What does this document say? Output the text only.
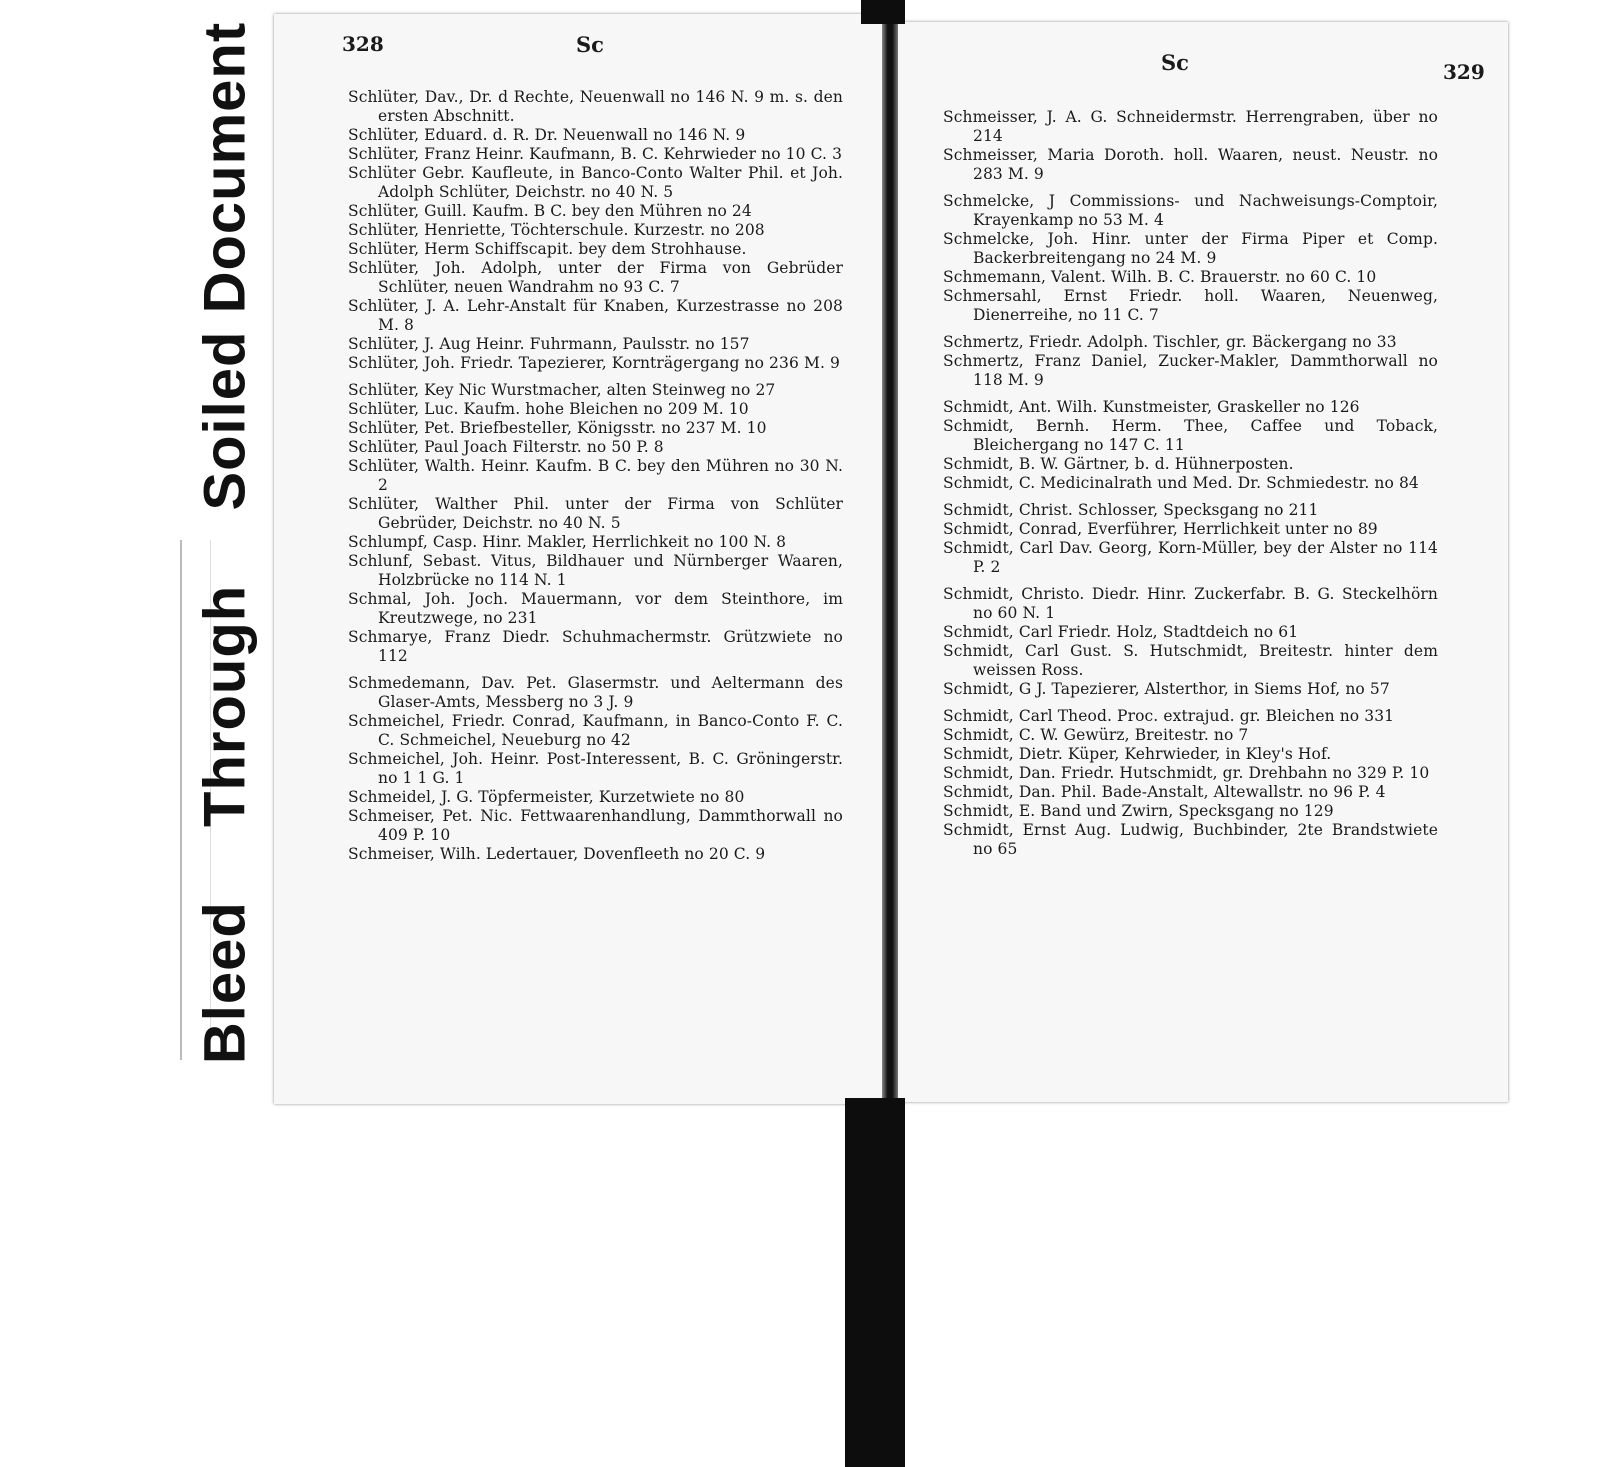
Bleed  Through  Soiled Document	328	Sc
Schlüter, Dav., Dr. d Rechte, Neuenwall no 146 N. 9 m. s. den ersten Abschnitt.
Schlüter, Eduard. d. R. Dr. Neuenwall no 146 N. 9
Schlüter, Franz Heinr. Kaufmann, B. C. Kehrwieder no 10 C. 3
Schlüter Gebr. Kaufleute, in Banco-Conto Walter Phil. et Joh. Adolph Schlüter, Deichstr. no 40 N. 5
Schlüter, Guill. Kaufm. B C. bey den Mühren no 24
Schlüter, Henriette, Töchterschule. Kurzestr. no 208
Schlüter, Herm Schiffscapit. bey dem Strohhause.
Schlüter, Joh. Adolph, unter der Firma von Gebrüder Schlüter, neuen Wandrahm no 93 C. 7
Schlüter, J. A. Lehr-Anstalt für Knaben, Kurzestrasse no 208 M. 8
Schlüter, J. Aug Heinr. Fuhrmann, Paulsstr. no 157
Schlüter, Joh. Friedr. Tapezierer, Kornträgergang no 236 M. 9
Schlüter, Key Nic Wurstmacher, alten Steinweg no 27
Schlüter, Luc. Kaufm. hohe Bleichen no 209 M. 10
Schlüter, Pet. Briefbesteller, Königsstr. no 237 M. 10
Schlüter, Paul Joach Filterstr. no 50 P. 8
Schlüter, Walth. Heinr. Kaufm. B C. bey den Mühren no 30 N. 2
Schlüter, Walther Phil. unter der Firma von Schlüter Gebrüder, Deichstr. no 40 N. 5
Schlumpf, Casp. Hinr. Makler, Herrlichkeit no 100 N. 8
Schlunf, Sebast. Vitus, Bildhauer und Nürnberger Waaren, Holzbrücke no 114 N. 1
Schmal, Joh. Joch. Mauermann, vor dem Steinthore, im Kreutzwege, no 231
Schmarye, Franz Diedr. Schuhmachermstr. Grützwiete no 112
Schmedemann, Dav. Pet. Glasermstr. und Aeltermann des Glaser-Amts, Messberg no 3 J. 9
Schmeichel, Friedr. Conrad, Kaufmann, in Banco-Conto F. C. C. Schmeichel, Neueburg no 42
Schmeichel, Joh. Heinr. Post-Interessent, B. C. Gröningerstr. no 1 1 G. 1
Schmeidel, J. G. Töpfermeister, Kurzetwiete no 80
Schmeiser, Pet. Nic. Fettwaarenhandlung, Dammthorwall no 409 P. 10
Schmeiser, Wilh. Ledertauer, Dovenfleeth no 20 C. 9
Sc	329
Schmeisser, J. A. G. Schneidermstr. Herrengraben, über no 214
Schmeisser, Maria Doroth. holl. Waaren, neust. Neustr. no 283 M. 9
Schmelcke, J Commissions- und Nachweisungs-Comptoir, Krayenkamp no 53 M. 4
Schmelcke, Joh. Hinr. unter der Firma Piper et Comp. Backerbreitengang no 24 M. 9
Schmemann, Valent. Wilh. B. C. Brauerstr. no 60 C. 10
Schmersahl, Ernst Friedr. holl. Waaren, Neuenweg, Dienerreihe, no 11 C. 7
Schmertz, Friedr. Adolph. Tischler, gr. Bäckergang no 33
Schmertz, Franz Daniel, Zucker-Makler, Dammthorwall no 118 M. 9
Schmidt, Ant. Wilh. Kunstmeister, Graskeller no 126
Schmidt, Bernh. Herm. Thee, Caffee und Toback, Bleichergang no 147 C. 11
Schmidt, B. W. Gärtner, b. d. Hühnerposten.
Schmidt, C. Medicinalrath und Med. Dr. Schmiedestr. no 84
Schmidt, Christ. Schlosser, Specksgang no 211
Schmidt, Conrad, Everführer, Herrlichkeit unter no 89
Schmidt, Carl Dav. Georg, Korn-Müller, bey der Alster no 114 P. 2
Schmidt, Christo. Diedr. Hinr. Zuckerfabr. B. G. Steckelhörn no 60 N. 1
Schmidt, Carl Friedr. Holz, Stadtdeich no 61
Schmidt, Carl Gust. S. Hutschmidt, Breitestr. hinter dem weissen Ross.
Schmidt, G J. Tapezierer, Alsterthor, in Siems Hof, no 57
Schmidt, Carl Theod. Proc. extrajud. gr. Bleichen no 331
Schmidt, C. W. Gewürz, Breitestr. no 7
Schmidt, Dietr. Küper, Kehrwieder, in Kley's Hof.
Schmidt, Dan. Friedr. Hutschmidt, gr. Drehbahn no 329 P. 10
Schmidt, Dan. Phil. Bade-Anstalt, Altewallstr. no 96 P. 4
Schmidt, E. Band und Zwirn, Specksgang no 129
Schmidt, Ernst Aug. Ludwig, Buchbinder, 2te Brandstwiete no 65
